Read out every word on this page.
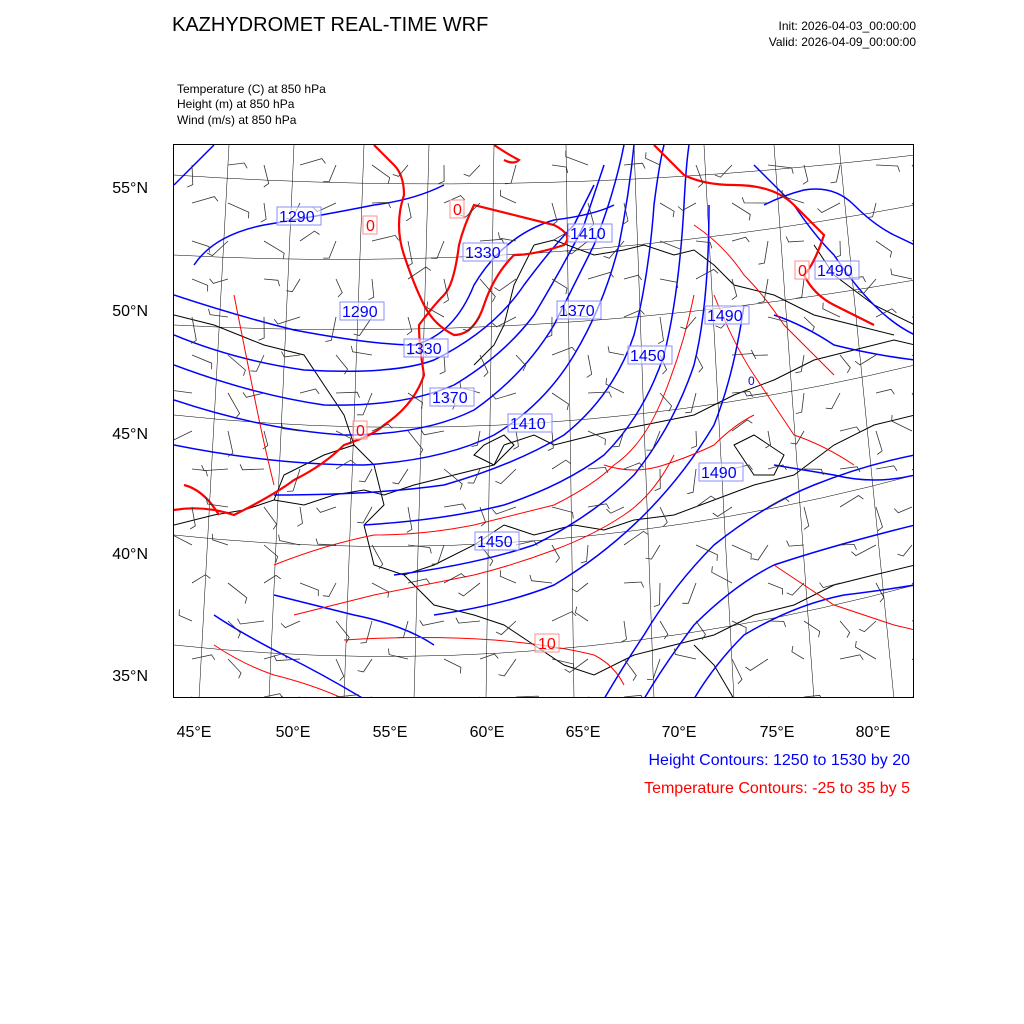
KAZHYDROMET REAL-TIME WRF	Init: 2026-04-03_00:00:00
Valid: 2026-04-09_00:00:00
Temperature (C) at 850 hPa
Height (m) at 850 hPa
Wind (m/s) at 850 hPa
1290
1290
1330
1330
1370
1370
1410
1410
1450
1450
1490
1490
1490
0
0
0
0
0
10
55°N
50°N
45°N
40°N
35°N
45°E	50°E	55°E	60°E	65°E	70°E	75°E	80°E
Height Contours: 1250 to 1530 by 20
Temperature Contours: -25 to 35 by 5
